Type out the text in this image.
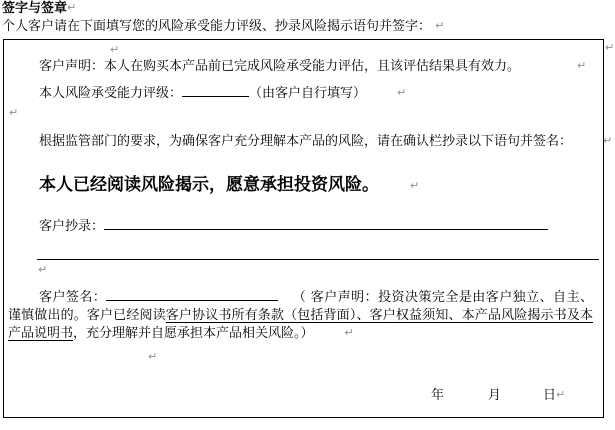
签字与签章↵
个人客户请在下面填写您的风险承受能力评级、抄录风险揭示语句并签字： ↵
↵
↵

客户声明：本人在购买本产品前已完成风险承受能力评估，且该评估结果具有效力。	↵

本人风险承受能力评级：	（由客户自行填写）	↵

↵

根据监管部门的要求，为确保客户充分理解本产品的风险，请在确认栏抄录以下语句并签名：	↵

本人已经阅读风险揭示，愿意承担投资风险。	↵

客户抄录：

↵

客户签名：	（ 客户声明：投资决策完全是由客户独立、自主、谨慎做出的。客户已经阅读客户协议书所有条款（包括背面）、客户权益须知、本产品风险揭示书及本产品说明书，充分理解并自愿承担本产品相关风险。）	↵

↵
年	月	日↵
